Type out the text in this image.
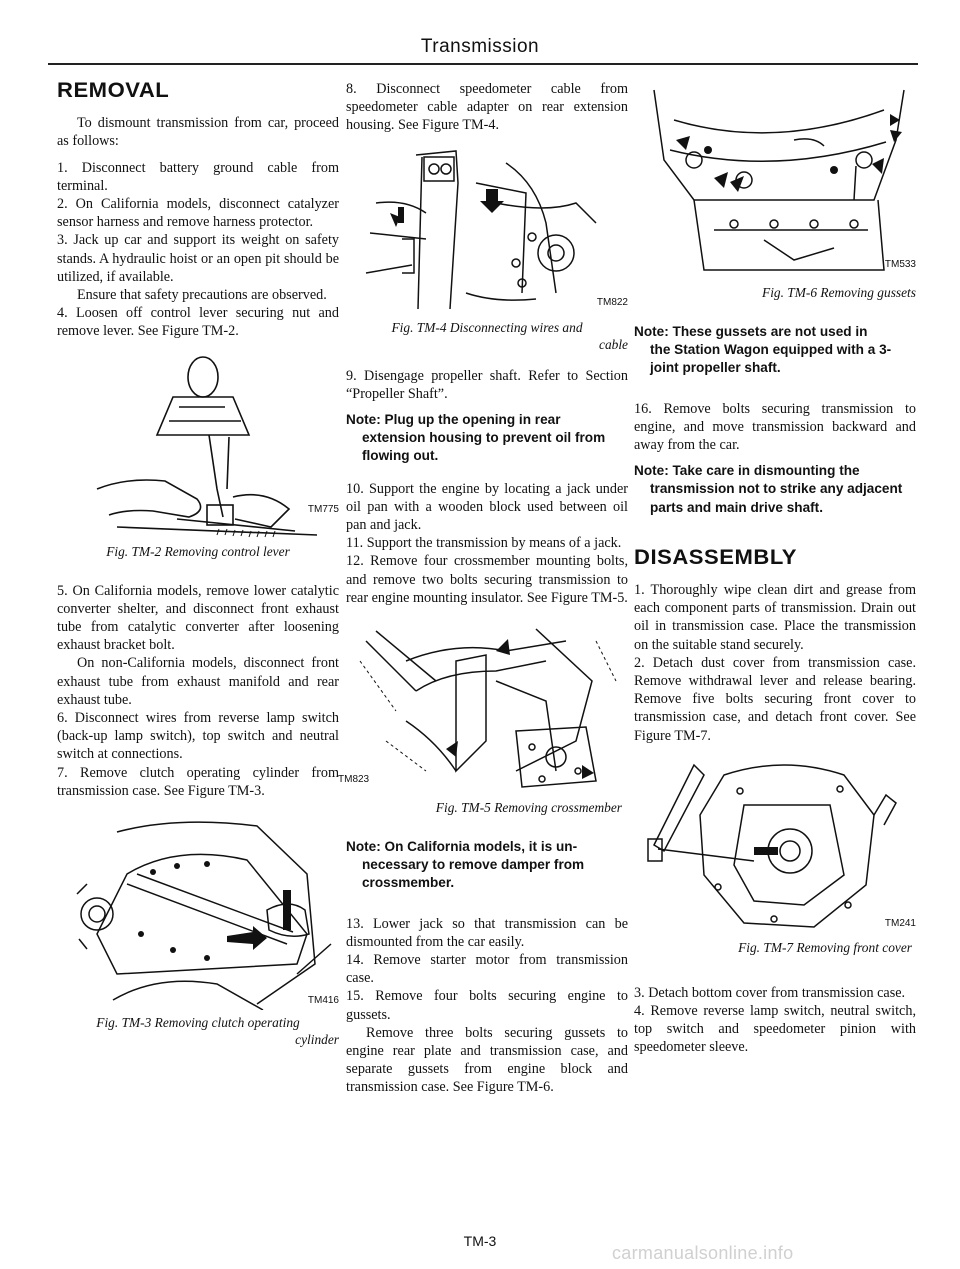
Transmission
REMOVAL

To dismount transmission from car, proceed as follows:

1. Disconnect battery ground cable from terminal.

2. On California models, disconnect catalyzer sensor harness and remove harness protector.

3. Jack up car and support its weight on safety stands. A hydraulic hoist or an open pit should be utilized, if available.

Ensure that safety precautions are observed.

4. Loosen off control lever securing nut and remove lever. See Figure TM-2.

TM775
Fig. TM-2 Removing control lever

5. On California models, remove lower catalytic converter shelter, and disconnect front exhaust tube from catalytic converter after loosening exhaust bracket bolt.

On non-California models, disconnect front exhaust tube from exhaust manifold and rear exhaust tube.

6. Disconnect wires from reverse lamp switch (back-up lamp switch), top switch and neutral switch at connections.

7. Remove clutch operating cylinder from transmission case. See Figure TM-3.

TM416
Fig. TM-3 Removing clutch operating
cylinder

8. Disconnect speedometer cable from speedometer cable adapter on rear extension housing. See Figure TM-4.

TM822
Fig. TM-4 Disconnecting wires and
cable

9. Disengage propeller shaft. Refer to Section “Propeller Shaft”.

Note: Plug up the opening in rear
extension housing to prevent oil from flowing out.

10. Support the engine by locating a jack under oil pan with a wooden block used between oil pan and jack.

11. Support the transmission by means of a jack.

12. Remove four crossmember mounting bolts, and remove two bolts securing transmission to rear engine mounting insulator. See Figure TM-5.

TM823
Fig. TM-5 Removing crossmember
Note: On California models, it is un-
necessary to remove damper from crossmember.

13. Lower jack so that transmission can be dismounted from the car easily.

14. Remove starter motor from transmission case.

15. Remove four bolts securing engine to gussets.

Remove three bolts securing gussets to engine rear plate and transmission case, and separate gussets from engine block and transmission case. See Figure TM-6.

TM533
Fig. TM-6 Removing gussets
Note: These gussets are not used in
the Station Wagon equipped with a 3-joint propeller shaft.

16. Remove bolts securing transmission to engine, and move transmission backward and away from the car.

Note: Take care in dismounting the
transmission not to strike any adjacent parts and main drive shaft.
DISASSEMBLY

1. Thoroughly wipe clean dirt and grease from each component parts of transmission. Drain out oil in transmission case. Place the transmission on the suitable stand securely.

2. Detach dust cover from transmission case. Remove withdrawal lever and release bearing. Remove five bolts securing front cover to transmission case, and detach front cover. See Figure TM-7.

TM241
Fig. TM-7 Removing front cover

3. Detach bottom cover from transmission case.

4. Remove reverse lamp switch, neutral switch, top switch and speedometer pinion with speedometer sleeve.

TM-3
carmanualsonline.info
